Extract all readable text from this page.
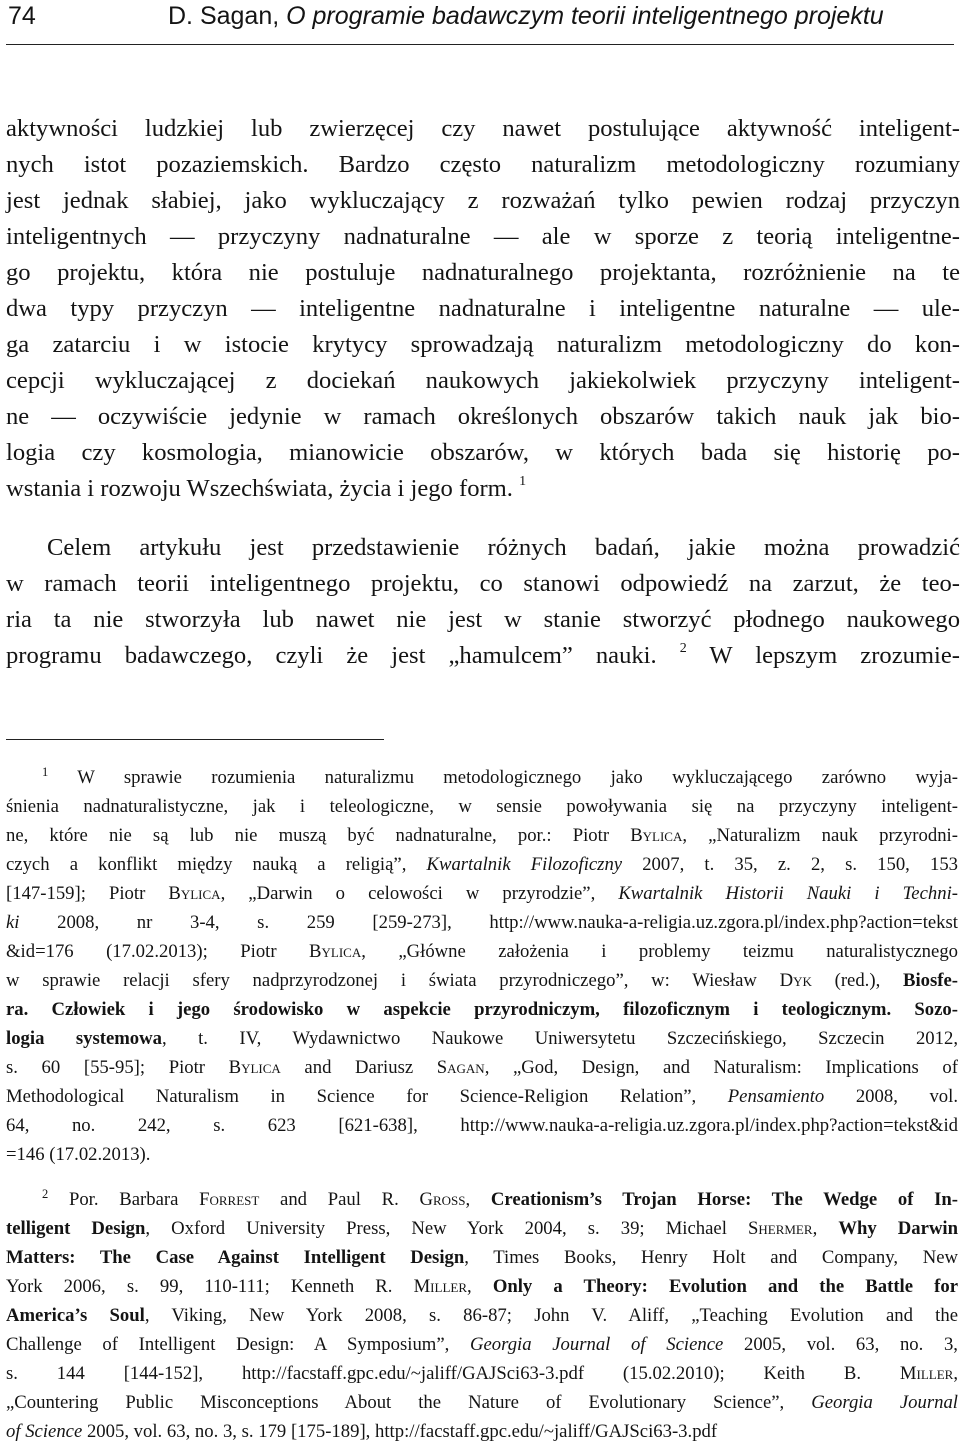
74	D. Sagan, O programie badawczym teorii inteligentnego projektu
aktywności ludzkiej lub zwierzęcej czy nawet postulujące aktywność inteligent-
nych istot pozaziemskich. Bardzo często naturalizm metodologiczny rozumiany
jest jednak słabiej, jako wykluczający z rozważań tylko pewien rodzaj przyczyn
inteligentnych — przyczyny nadnaturalne — ale w sporze z teorią inteligentne-
go projektu, która nie postuluje nadnaturalnego projektanta, rozróżnienie na te
dwa typy przyczyn — inteligentne nadnaturalne i inteligentne naturalne — ule-
ga zatarciu i w istocie krytycy sprowadzają naturalizm metodologiczny do kon-
cepcji wykluczającej z dociekań naukowych jakiekolwiek przyczyny inteligent-
ne — oczywiście jedynie w ramach określonych obszarów takich nauk jak bio-
logia czy kosmologia, mianowicie obszarów, w których bada się historię po-
wstania i rozwoju Wszechświata, życia i jego form. $^1$
Celem artykułu jest przedstawienie różnych badań, jakie można prowadzić
w ramach teorii inteligentnego projektu, co stanowi odpowiedź na zarzut, że teo-
ria ta nie stworzyła lub nawet nie jest w stanie stworzyć płodnego naukowego
programu badawczego, czyli że jest „hamulcem” nauki. $^2$ W lepszym zrozumie-
$^1$ W sprawie rozumienia naturalizmu metodologicznego jako wykluczającego zarówno wyja-
śnienia nadnaturalistyczne, jak i teleologiczne, w sensie powoływania się na przyczyny inteligent-
ne, które nie są lub nie muszą być nadnaturalne, por.: Piotr Bylica, „Naturalizm nauk przyrodni-
czych a konflikt między nauką a religią”, Kwartalnik Filozoficzny 2007, t. 35, z. 2, s. 150, 153
[147-159]; Piotr Bylica, „Darwin o celowości w przyrodzie”, Kwartalnik Historii Nauki i Techni-
ki 2008, nr 3-4, s. 259 [259-273], http://www.nauka-a-religia.uz.zgora.pl/index.php?action=tekst
&id=176 (17.02.2013); Piotr Bylica, „Główne założenia i problemy teizmu naturalistycznego
w sprawie relacji sfery nadprzyrodzonej i świata przyrodniczego”, w: Wiesław Dyk (red.), Biosfe-
ra. Człowiek i jego środowisko w aspekcie przyrodniczym, filozoficznym i teologicznym. Sozo-
logia systemowa, t. IV, Wydawnictwo Naukowe Uniwersytetu Szczecińskiego, Szczecin 2012,
s. 60 [55-95]; Piotr Bylica and Dariusz Sagan, „God, Design, and Naturalism: Implications of
Methodological Naturalism in Science for Science-Religion Relation”, Pensamiento 2008, vol.
64, no. 242, s. 623 [621-638], http://www.nauka-a-religia.uz.zgora.pl/index.php?action=tekst&id
=146 (17.02.2013).
$^2$ Por. Barbara Forrest and Paul R. Gross, Creationism’s Trojan Horse: The Wedge of In-
telligent Design, Oxford University Press, New York 2004, s. 39; Michael Shermer, Why Darwin
Matters: The Case Against Intelligent Design, Times Books, Henry Holt and Company, New
York 2006, s. 99, 110-111; Kenneth R. Miller, Only a Theory: Evolution and the Battle for
America’s Soul, Viking, New York 2008, s. 86-87; John V. Aliff, „Teaching Evolution and the
Challenge of Intelligent Design: A Symposium”, Georgia Journal of Science 2005, vol. 63, no. 3,
s. 144 [144-152], http://facstaff.gpc.edu/~jaliff/GAJSci63-3.pdf (15.02.2010); Keith B. Miller,
„Countering Public Misconceptions About the Nature of Evolutionary Science”, Georgia Journal
of Science 2005, vol. 63, no. 3, s. 179 [175-189], http://facstaff.gpc.edu/~jaliff/GAJSci63-3.pdf
